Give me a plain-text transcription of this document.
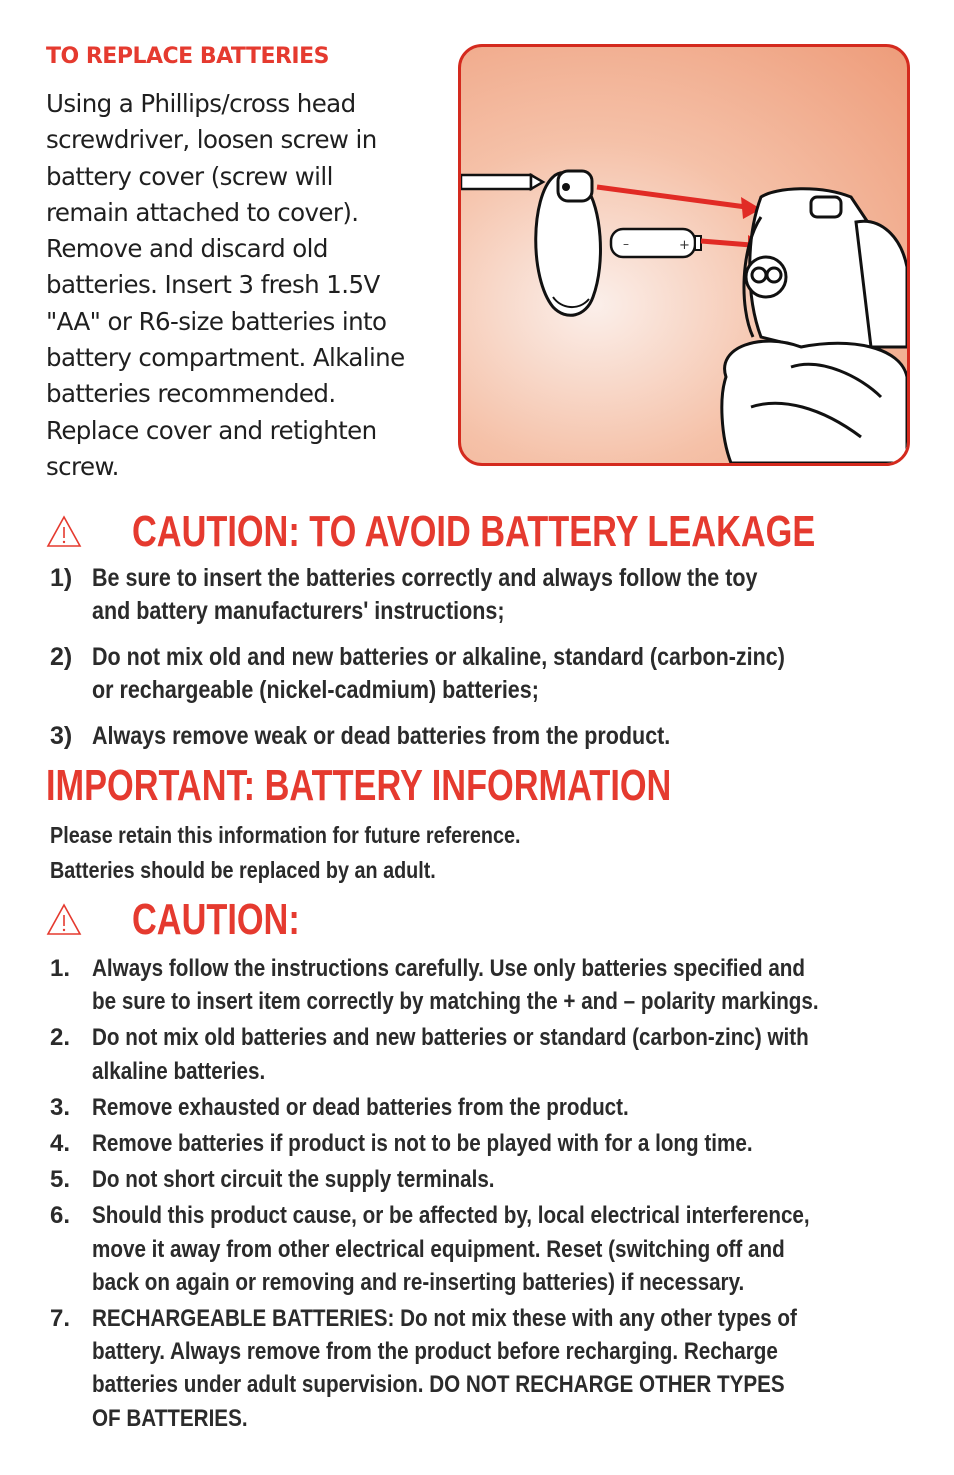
TO REPLACE BATTERIES

Using a Phillips/cross head
screwdriver, loosen screw in
battery cover (screw will
remain attached to cover).
Remove and discard old
batteries. Insert 3 fresh 1.5V
"AA" or R6-size batteries into
battery compartment. Alkaline
batteries recommended.
Replace cover and retighten
screw.

–	+
CAUTION: TO AVOID BATTERY LEAKAGE
1) Be sure to insert the batteries correctly and always follow the toy
and battery manufacturers' instructions;
2) Do not mix old and new batteries or alkaline, standard (carbon-zinc)
or rechargeable (nickel-cadmium) batteries;
3) Always remove weak or dead batteries from the product.
IMPORTANT: BATTERY INFORMATION

Please retain this information for future reference.

Batteries should be replaced by an adult.

CAUTION:
1. Always follow the instructions carefully. Use only batteries specified and
be sure to insert item correctly by matching the + and – polarity markings.
2. Do not mix old batteries and new batteries or standard (carbon-zinc) with
alkaline batteries.
3. Remove exhausted or dead batteries from the product.
4. Remove batteries if product is not to be played with for a long time.
5. Do not short circuit the supply terminals.
6. Should this product cause, or be affected by, local electrical interference,
move it away from other electrical equipment. Reset (switching off and
back on again or removing and re-inserting batteries) if necessary.
7. RECHARGEABLE BATTERIES: Do not mix these with any other types of
battery. Always remove from the product before recharging. Recharge
batteries under adult supervision. DO NOT RECHARGE OTHER TYPES
OF BATTERIES.
